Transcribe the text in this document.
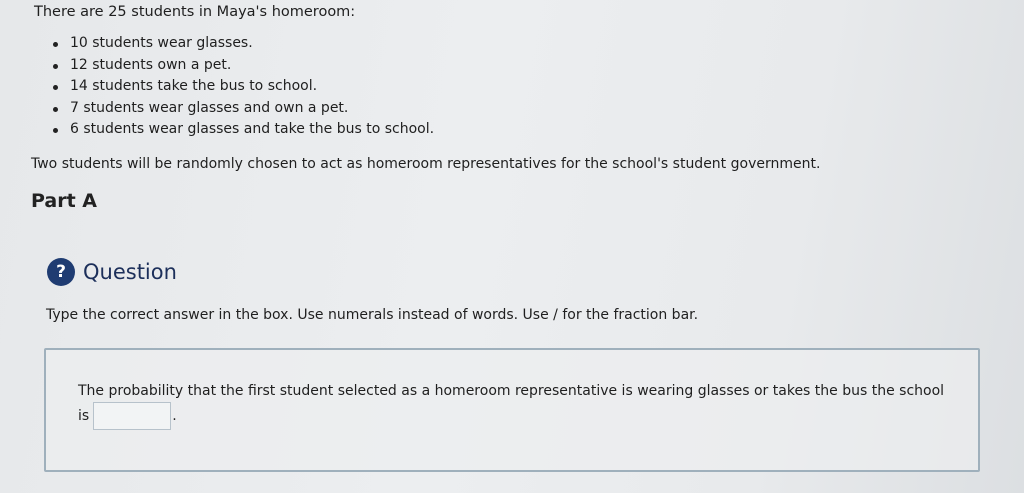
There are 25 students in Maya's homeroom:
10 students wear glasses.
12 students own a pet.
14 students take the bus to school.
7 students wear glasses and own a pet.
6 students wear glasses and take the bus to school.

Two students will be randomly chosen to act as homeroom representatives for the school's student government.

Part A
? Question

Type the correct answer in the box. Use numerals instead of words. Use / for the fraction bar.

The probability that the first student selected as a homeroom representative is wearing glasses or takes the bus the school is	.
